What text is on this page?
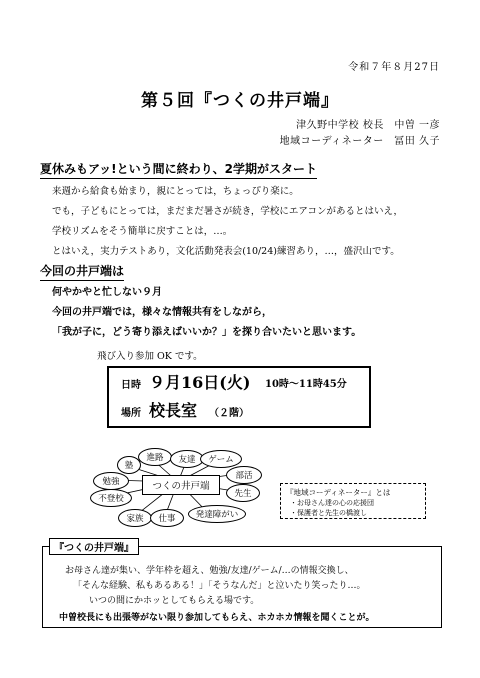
令和７年８月27日
第５回『つくの井戸端』
津久野中学校 校長　中曽 一彦
地域コーディネーター　冨田 久子
夏休みもアッ!という間に終わり、2学期がスタート
来週から給食も始まり，親にとっては，ちょっぴり楽に。
でも，子どもにとっては，まだまだ暑さが続き，学校にエアコンがあるとはいえ，
学校リズムをそう簡単に戻すことは，…。
とはいえ，実力テストあり，文化活動発表会(10/24)練習あり，…，盛沢山です。
今回の井戸端は
何やかやと忙しない９月
今回の井戸端では，様々な情報共有をしながら，
「我が子に，どう寄り添えばいいか？」を探り合いたいと思います。
飛び入り参加 OK です。
日時 ９月16日(火) 10時〜11時45分
場所 校長室 （２階）
塾
進路	友達	ゲーム
勉強
部活
不登校	先生
家族	仕事	発達障がい
つくの井戸端
『地域コーディネーター』とは
・お母さん達の心の応援団
・保護者と先生の橋渡し
『つくの井戸端』
お母さん達が集い、学年枠を超え、勉強/友達/ゲーム/…の情報交換し、
「そんな経験、私もあるある！」「そうなんだ」と泣いたり笑ったり…。
いつの間にかホッとしてもらえる場です。
中曽校長にも出張等がない限り参加してもらえ、ホカホカ情報を聞くことが。
